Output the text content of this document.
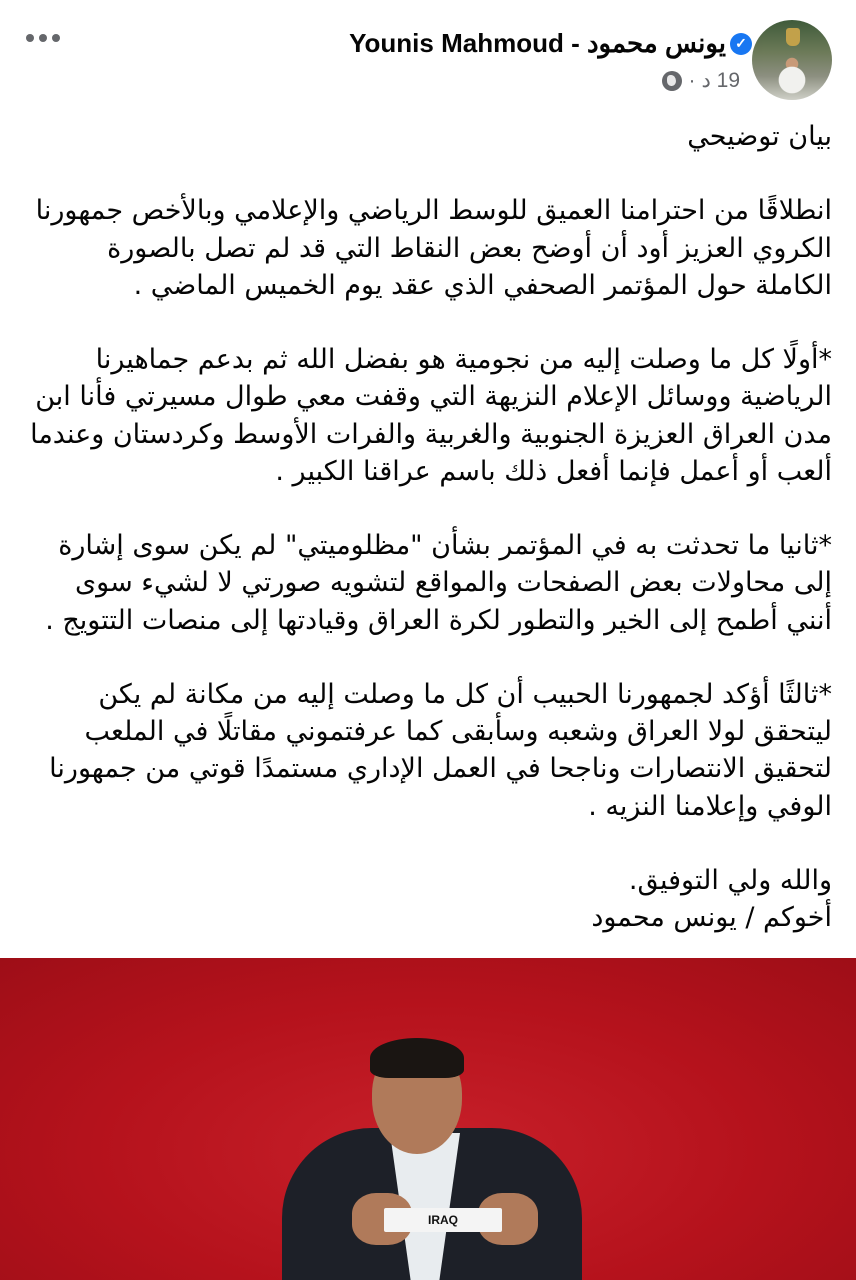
✓
يونس محمود - Younis Mahmoud
19 د
·
بيان توضيحي
انطلاقًا من احترامنا العميق للوسط الرياضي والإعلامي وبالأخص جمهورنا
الكروي العزيز أود أن أوضح بعض النقاط التي قد لم تصل بالصورة
الكاملة حول المؤتمر الصحفي الذي عقد يوم الخميس الماضي .
*أولًا كل ما وصلت إليه من نجومية هو بفضل الله ثم بدعم جماهيرنا
الرياضية ووسائل الإعلام النزيهة التي وقفت معي طوال مسيرتي فأنا ابن
مدن العراق العزيزة الجنوبية والغربية والفرات الأوسط وكردستان وعندما
ألعب أو أعمل فإنما أفعل ذلك باسم عراقنا الكبير .
*ثانيا ما تحدثت به في المؤتمر بشأن "مظلوميتي" لم يكن سوى إشارة
إلى محاولات بعض الصفحات والمواقع لتشويه صورتي لا لشيء سوى
أنني أطمح إلى الخير والتطور لكرة العراق وقيادتها إلى منصات التتويج .
*ثالثًا أؤكد لجمهورنا الحبيب أن كل ما وصلت إليه من مكانة لم يكن
ليتحقق لولا العراق وشعبه وسأبقى كما عرفتموني مقاتلًا في الملعب
لتحقيق الانتصارات وناجحا في العمل الإداري مستمدًا قوتي من جمهورنا
الوفي وإعلامنا النزيه .
والله ولي التوفيق.
أخوكم / يونس محمود
IRAQ
